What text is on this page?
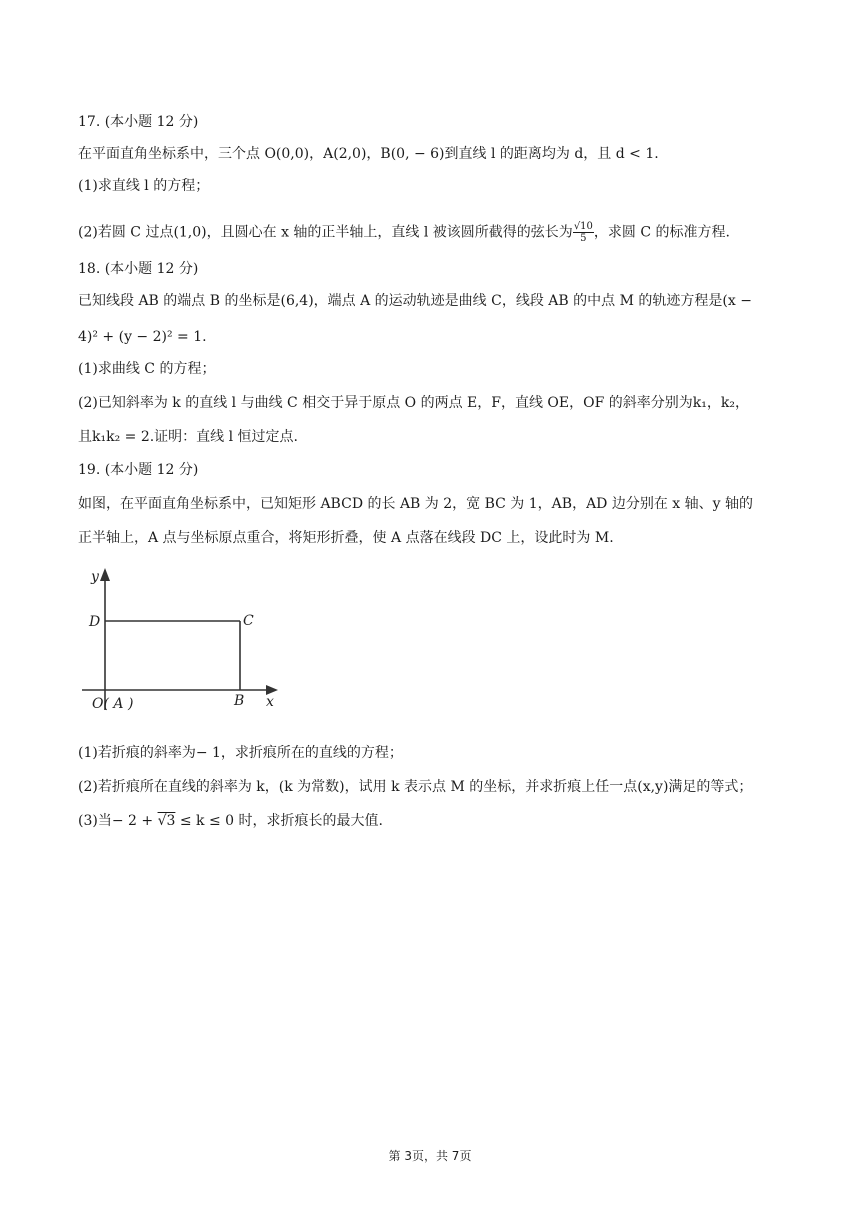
17. (本小题 12 分)
在平面直角坐标系中，三个点 O(0,0)，A(2,0)，B(0, − 6)到直线 l 的距离均为 d，且 d < 1.
(1)求直线 l 的方程；
(2)若圆 C 过点(1,0)，且圆心在 x 轴的正半轴上，直线 l 被该圆所截得的弦长为 $\frac{√10}{5}$ ，求圆 C 的标准方程.
18. (本小题 12 分)
已知线段 AB 的端点 B 的坐标是(6,4)，端点 A 的运动轨迹是曲线 C，线段 AB 的中点 M 的轨迹方程是(x −
4)² + (y − 2)² = 1.
(1)求曲线 C 的方程；
(2)已知斜率为 k 的直线 l 与曲线 C 相交于异于原点 O 的两点 E，F，直线 OE，OF 的斜率分别为k₁，k₂，
且k₁k₂ = 2.证明：直线 l 恒过定点.
19. (本小题 12 分)
如图，在平面直角坐标系中，已知矩形 ABCD 的长 AB 为 2，宽 BC 为 1，AB，AD 边分别在 x 轴、y 轴的
正半轴上，A 点与坐标原点重合，将矩形折叠，使 A 点落在线段 DC 上，设此时为 M.
y
x
D	C
B
O( A )
(1)若折痕的斜率为− 1，求折痕所在的直线的方程；
(2)若折痕所在直线的斜率为 k，(k 为常数)，试用 k 表示点 M 的坐标，并求折痕上任一点(x,y)满足的等式；
(3)当− 2 + √3 ≤ k ≤ 0 时，求折痕长的最大值.
第 3页，共 7页
